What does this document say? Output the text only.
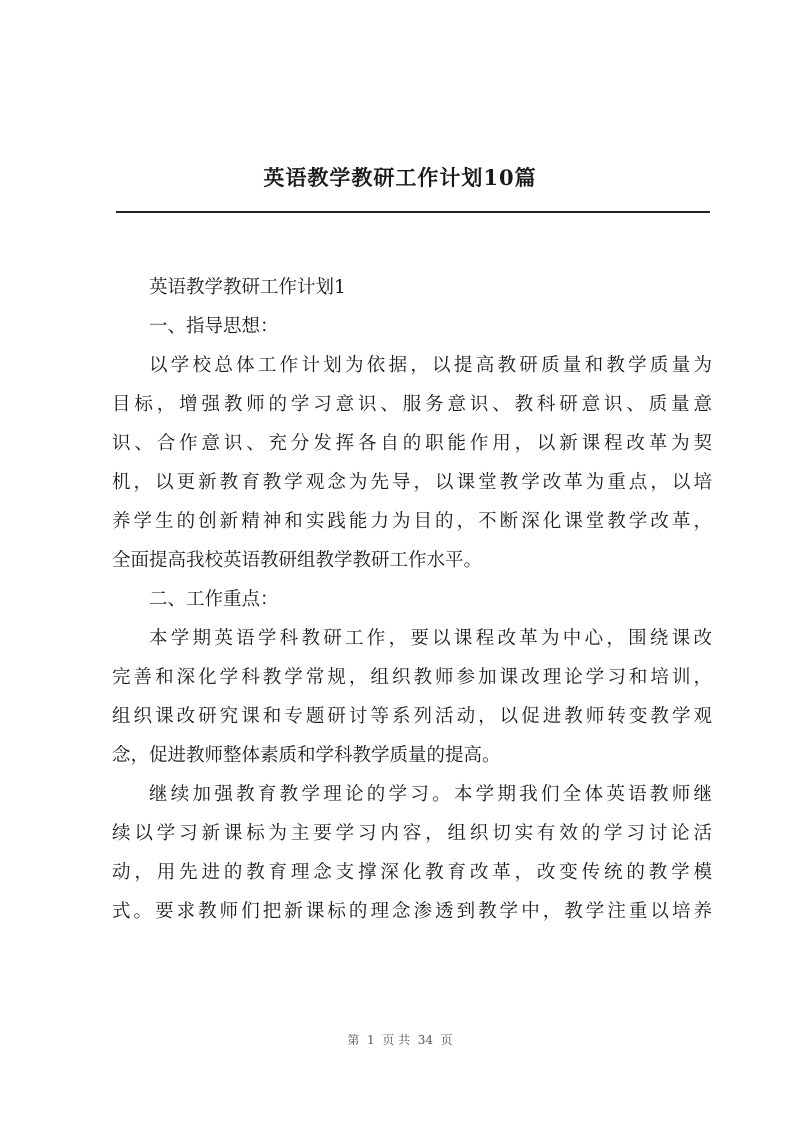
英语教学教研工作计划10篇
英语教学教研工作计划1
一、指导思想：
以学校总体工作计划为依据，以提高教研质量和教学质量为
目标，增强教师的学习意识、服务意识、教科研意识、质量意
识、合作意识、充分发挥各自的职能作用，以新课程改革为契
机，以更新教育教学观念为先导，以课堂教学改革为重点，以培
养学生的创新精神和实践能力为目的，不断深化课堂教学改革，
全面提高我校英语教研组教学教研工作水平。
二、工作重点：
本学期英语学科教研工作，要以课程改革为中心，围绕课改
完善和深化学科教学常规，组织教师参加课改理论学习和培训，
组织课改研究课和专题研讨等系列活动，以促进教师转变教学观
念，促进教师整体素质和学科教学质量的提高。
继续加强教育教学理论的学习。本学期我们全体英语教师继
续以学习新课标为主要学习内容，组织切实有效的学习讨论活
动，用先进的教育理念支撑深化教育改革，改变传统的教学模
式。要求教师们把新课标的理念渗透到教学中，教学注重以培养
第  1  页 共  34  页
